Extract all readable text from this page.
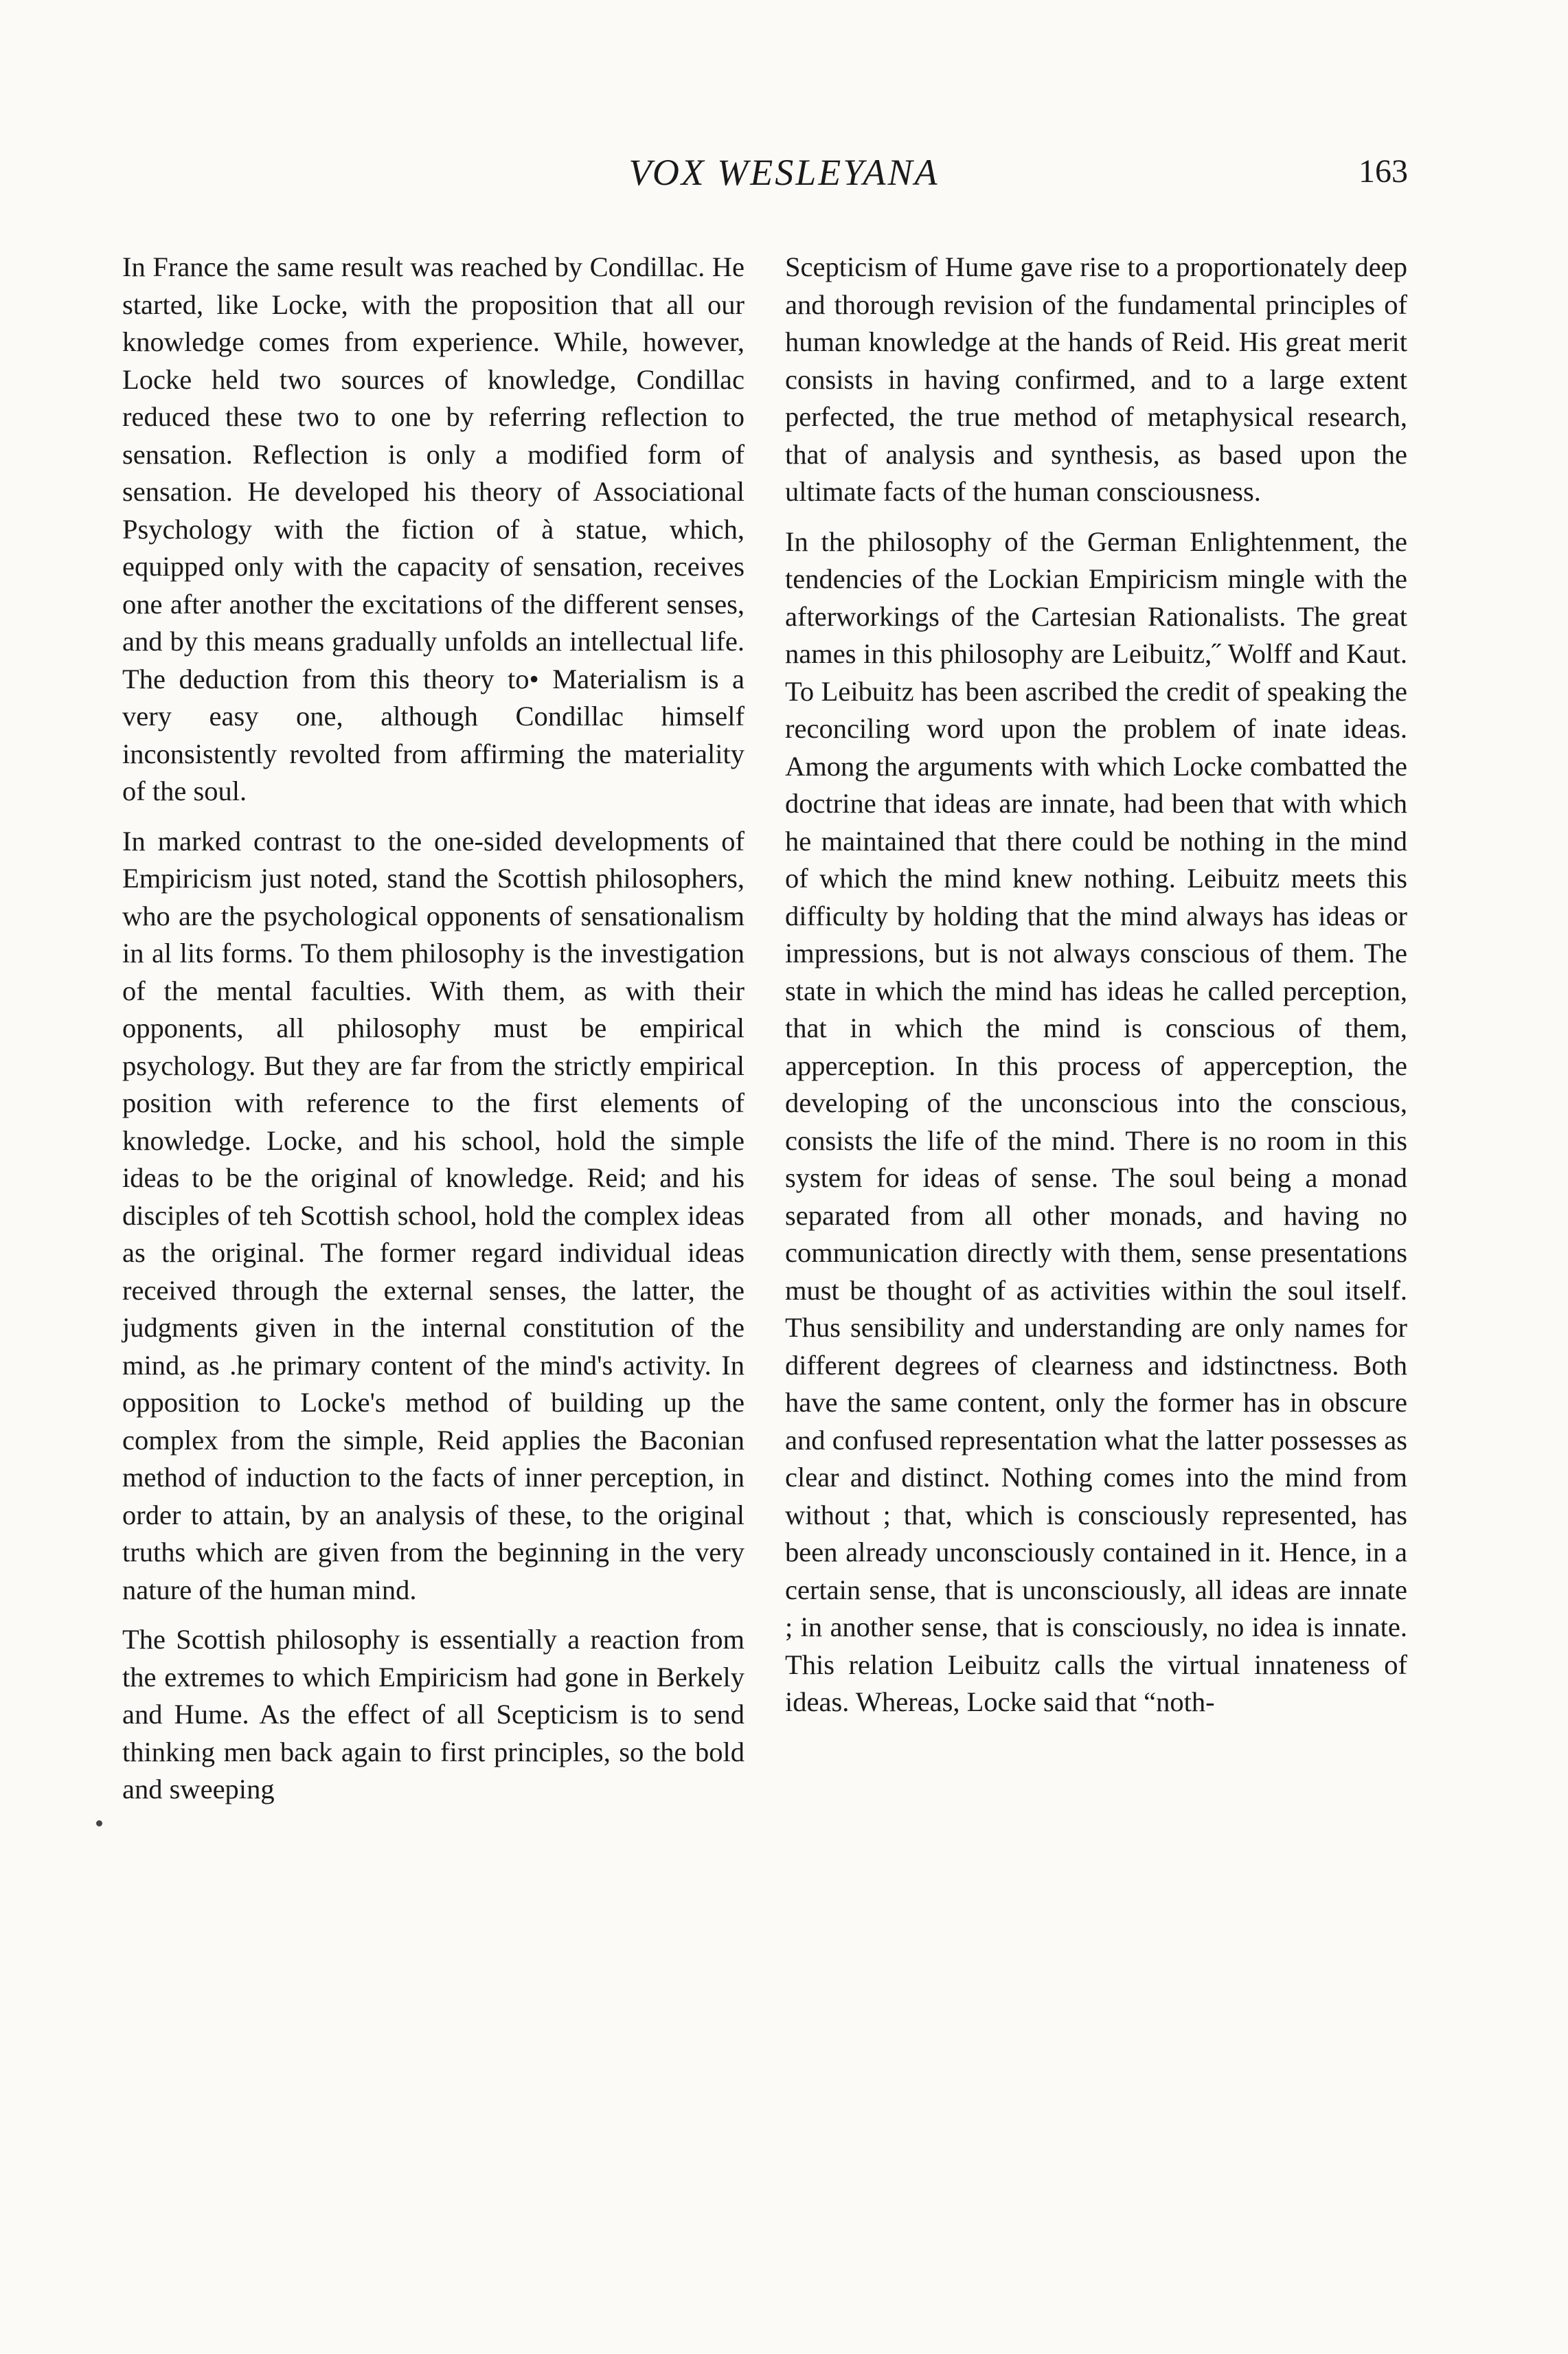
VOX WESLEYANA	163

In France the same result was reached by Condillac. He started, like Locke, with the proposition that all our knowledge comes from experience. While, however, Locke held two sources of knowledge, Condillac reduced these two to one by referring reflection to sensation. Reflection is only a modified form of sensation. He developed his theory of Associational Psychology with the fiction of à statue, which, equipped only with the capacity of sensation, receives one after another the excitations of the different senses, and by this means gradually unfolds an intellectual life. The deduction from this theory to• Materialism is a very easy one, although Condillac himself inconsistently revolted from affirming the materiality of the soul.

In marked contrast to the one-sided developments of Empiricism just noted, stand the Scottish philosophers, who are the psychological opponents of sensationalism in al lits forms. To them philosophy is the investigation of the mental faculties. With them, as with their opponents, all philosophy must be empirical psychology. But they are far from the strictly empirical position with reference to the first elements of knowledge. Locke, and his school, hold the simple ideas to be the original of knowledge. Reid; and his disciples of teh Scottish school, hold the complex ideas as the original. The former regard individual ideas received through the external senses, the latter, the judgments given in the internal constitution of the mind, as .he primary content of the mind's activity. In opposition to Locke's method of building up the complex from the simple, Reid applies the Baconian method of induction to the facts of inner perception, in order to attain, by an analysis of these, to the original truths which are given from the beginning in the very nature of the human mind.

The Scottish philosophy is essentially a reaction from the extremes to which Empiricism had gone in Berkely and Hume. As the effect of all Scepticism is to send thinking men back again to first principles, so the bold and sweeping

Scepticism of Hume gave rise to a proportionately deep and thorough revision of the fundamental principles of human knowledge at the hands of Reid. His great merit consists in having confirmed, and to a large extent perfected, the true method of metaphysical research, that of analysis and synthesis, as based upon the ultimate facts of the human consciousness.

In the philosophy of the German Enlightenment, the tendencies of the Lockian Empiricism mingle with the afterworkings of the Cartesian Rationalists. The great names in this philosophy are Leibuitz,˝ Wolff and Kaut. To Leibuitz has been ascribed the credit of speaking the reconciling word upon the problem of inate ideas. Among the arguments with which Locke combatted the doctrine that ideas are innate, had been that with which he maintained that there could be nothing in the mind of which the mind knew nothing. Leibuitz meets this difficulty by holding that the mind always has ideas or impressions, but is not always conscious of them. The state in which the mind has ideas he called perception, that in which the mind is conscious of them, apperception. In this process of apperception, the developing of the unconscious into the conscious, consists the life of the mind. There is no room in this system for ideas of sense. The soul being a monad separated from all other monads, and having no communication directly with them, sense presentations must be thought of as activities within the soul itself. Thus sensibility and understanding are only names for different degrees of clearness and idstinctness. Both have the same content, only the former has in obscure and confused representation what the latter possesses as clear and distinct. Nothing comes into the mind from without ; that, which is consciously represented, has been already unconsciously contained in it. Hence, in a certain sense, that is unconsciously, all ideas are innate ; in another sense, that is consciously, no idea is innate. This relation Leibuitz calls the virtual innateness of ideas. Whereas, Locke said that “noth-
